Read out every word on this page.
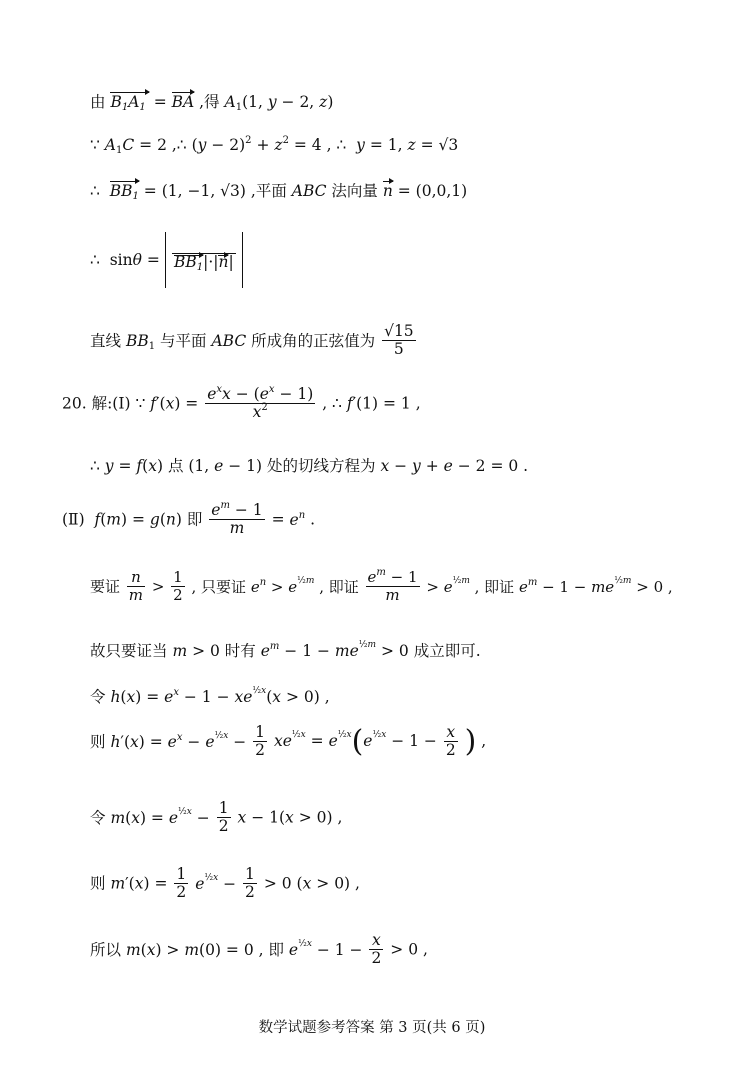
由 $B_1A_1$ = BA ,得 $A_1(1$, y − 2, z)
∵ $A_1C = 2$ ,∴ $(y - 2)^2 + z^2 = 4$ , ∴  y = 1, z = √3
∴  $BB_1 = (1$, −1, √3) ,平面 ABC 法向量 n = (0,0,1)
∴  sinθ =
$BB_1|\cdot|n|$
直线 $BB_1$ 与平面 ABC 所成角的正弦值为 $\frac{√15}{5}$
20. 解:(Ⅰ) ∵ $f'(x) = \frac{e^xx - (e^x - 1)}{x^2}$ , ∴ f′(1) = 1 ,
∴ y = f(x) 点 (1, e − 1) 处的切线方程为 x − y + e − 2 = 0 .
(Ⅱ)  f(m) = g(n) 即 $\frac{e^m - 1}{m} = e^n$ .
要证 $\frac{n}{m} > \frac{1}{2}$ , 只要证 $e^n$ > e½m , 即证 $\frac{e^m - 1}{m}$ > e½m , 即证 $e^m - 1$ − me½m > 0 ,
故只要证当 m > 0 时有 $e^m - 1$ − me½m > 0 成立即可.
令 $h(x) = e^x - 1$ − xe½x(x > 0) ,
则 $h'(x) = e^x$ − e½x − $\frac{1}{2}$ xe½x = e½x(e½x − $1 - \frac{x}{2}$ ) ,
令 m(x) = e½x − $\frac{1}{2}$ x − 1(x > 0) ,
则 $m'(x) = \frac{1}{2}$ e½x − $\frac{1}{2} > 0$ (x > 0) ,
所以 m(x) > m(0) = 0 , 即 e½x − $1 - \frac{x}{2} > 0$ ,
数学试题参考答案 第 3 页(共 6 页)
